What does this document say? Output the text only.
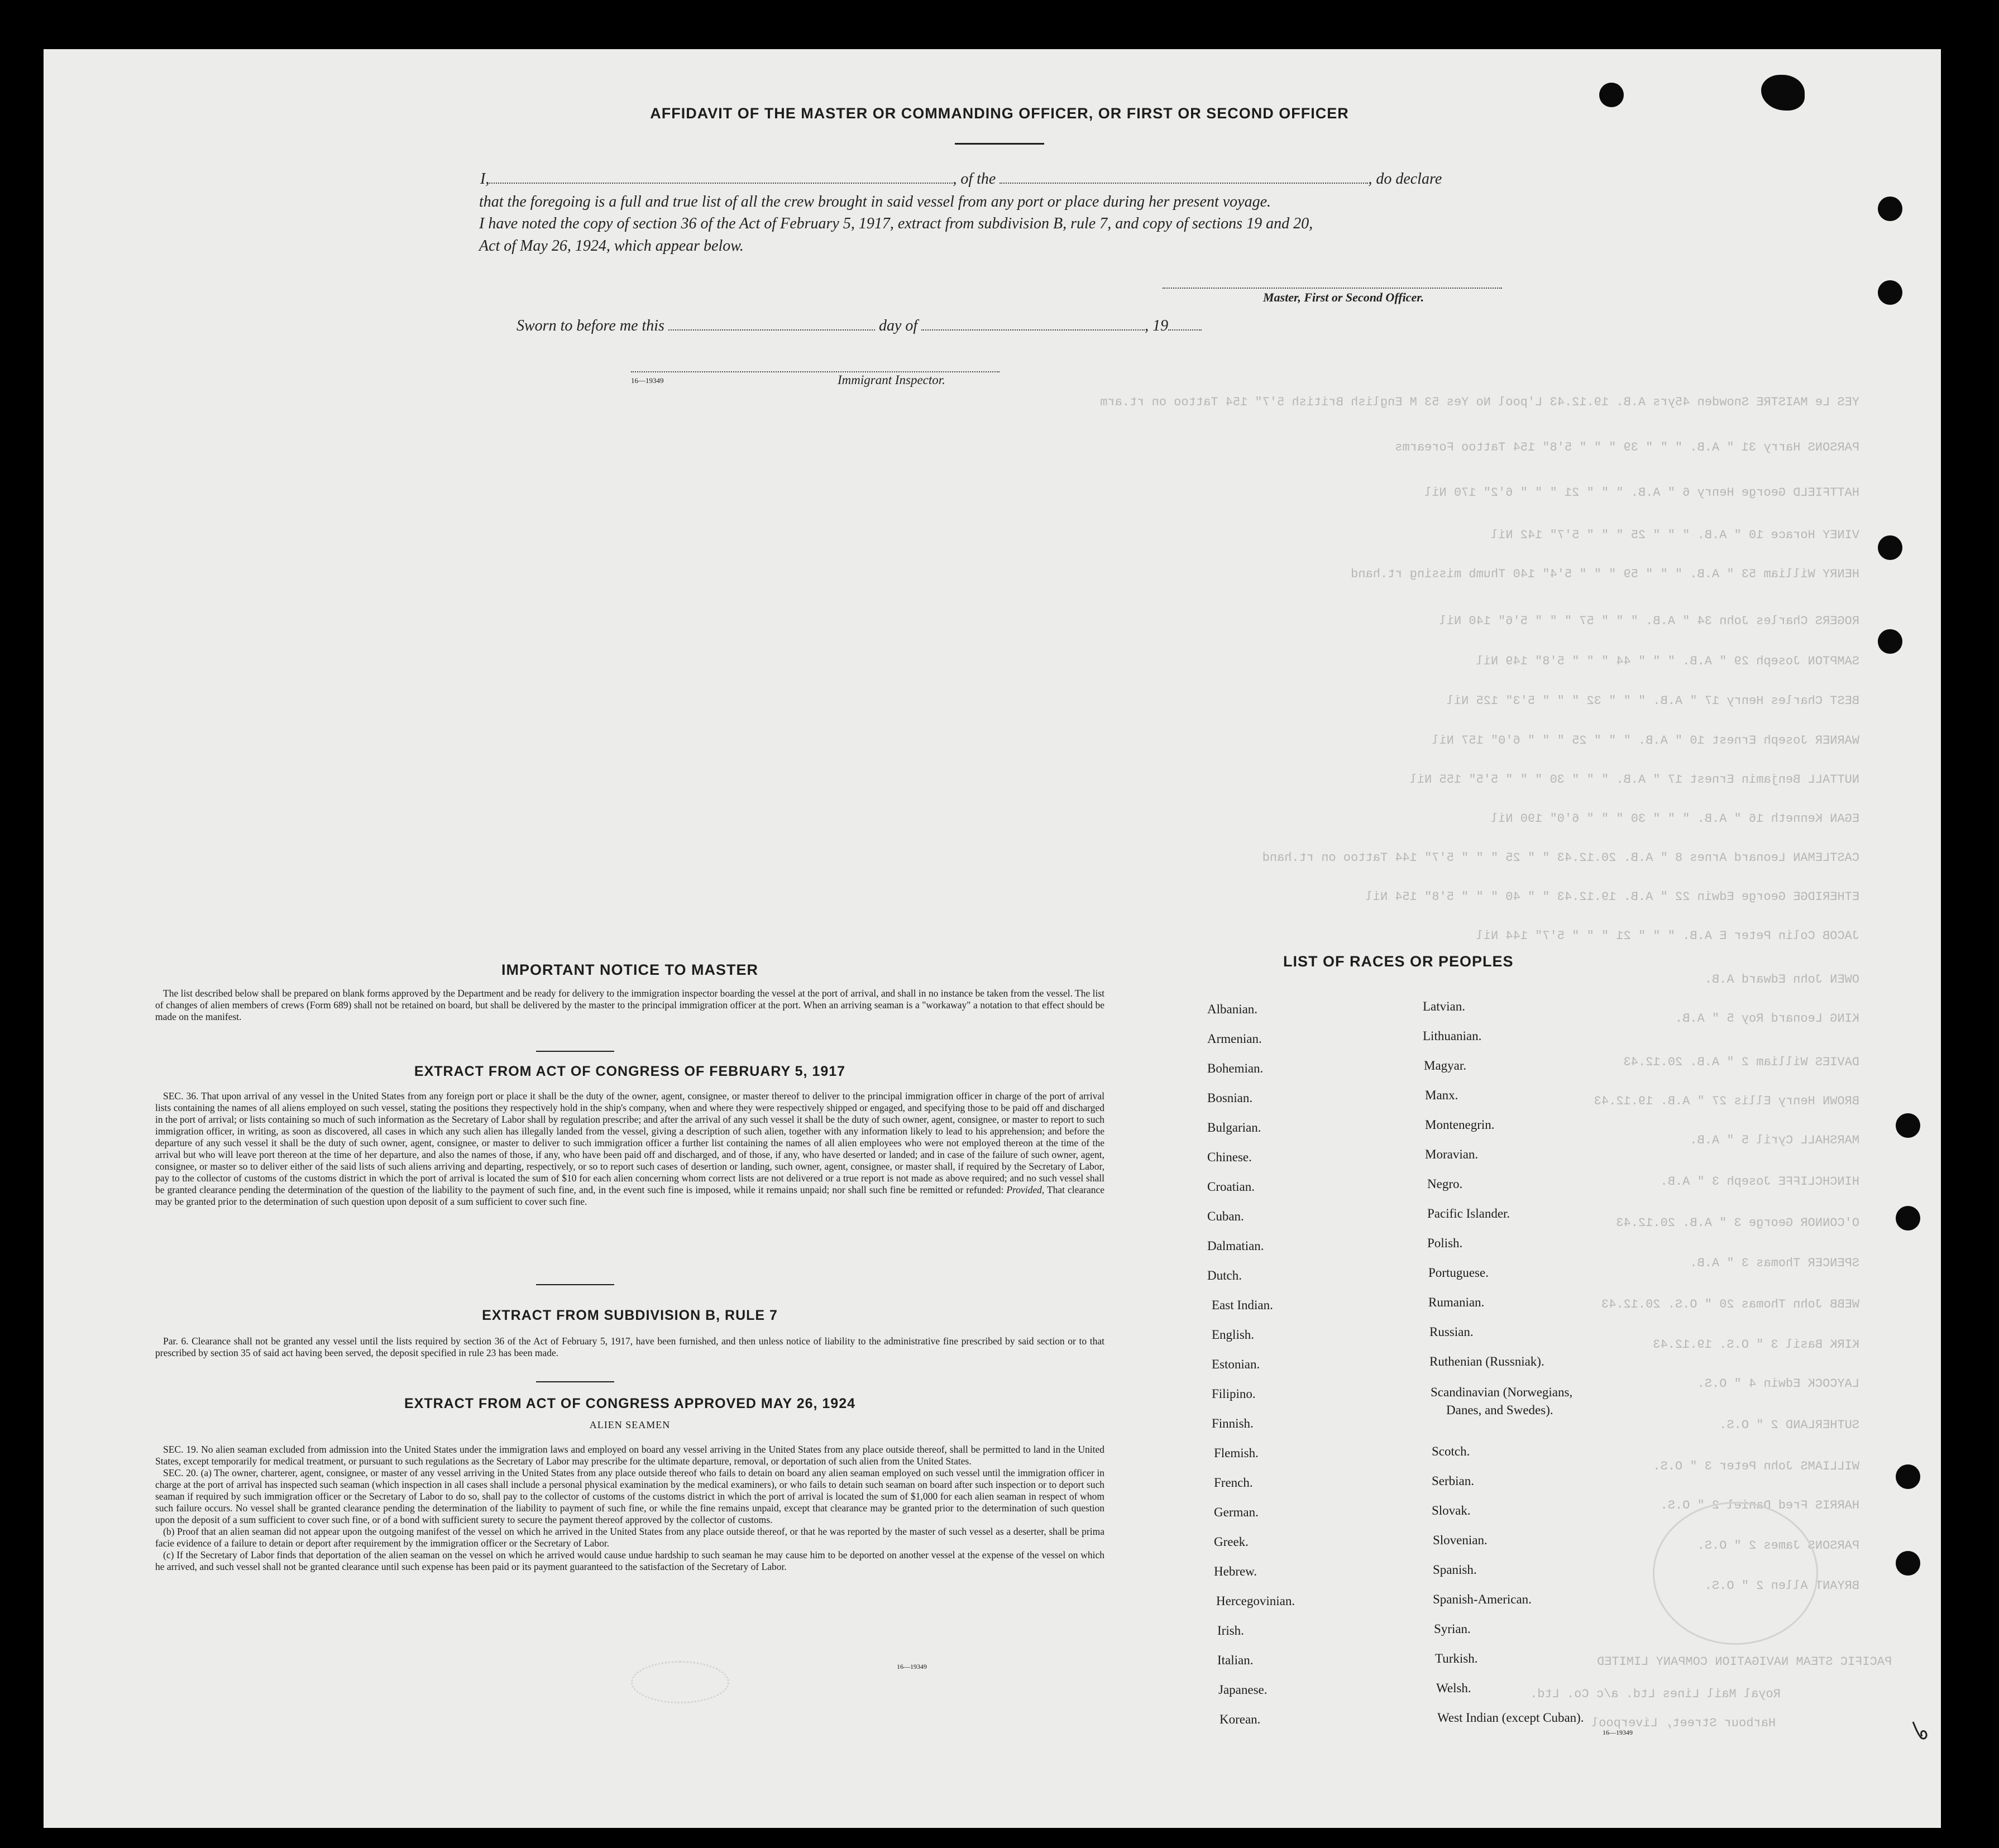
YES Le MAISTRE Snowden 45yrs A.B. 19.12.43 L'pool No Yes 53 M English British 5'7" 154 Tattoo on rt.arm
PARSONS Harry 31 " A.B. " " " 39 " " " 5'8" 154 Tattoo Forearms
HATTFIELD George Henry 6 " A.B. " " " 21 " " " 6'2" 170 Nil
VINEY Horace 10 " A.B. " " " 25 " " " 5'7" 142 Nil
HENRY William 53 " A.B. " " " 59 " " " 5'4" 140 Thumb missing rt.hand
ROGERS Charles John 34 " A.B. " " " 57 " " " 5'6" 140 Nil
SAMPTON Joseph 29 " A.B. " " " 44 " " " 5'8" 149 Nil
BEST Charles Henry 17 " A.B. " " " 32 " " " 5'3" 125 Nil
WARNER Joseph Ernest 10 " A.B. " " " 25 " " " 6'0" 157 Nil
NUTTALL Benjamin Ernest 17 " A.B. " " " 30 " " " 5'5" 155 Nil
EGAN Kenneth 16 " A.B. " " " 30 " " " 6'0" 190 Nil
CASTLEMAN Leonard Arnes 8 " A.B. 20.12.43 " " 25 " " " 5'7" 144 Tattoo on rt.hand
ETHERIDGE George Edwin 22 " A.B. 19.12.43 " " 40 " " " 5'8" 154 Nil
JACOB Colin Peter E A.B. " " " 21 " " " 5'7" 144 Nil
OWEN John Edward A.B.
KING Leonard Roy 5 " A.B.
DAVIES William 2 " A.B. 20.12.43
BROWN Henry Ellis 27 " A.B. 19.12.43
MARSHALL Cyril 5 " A.B.
HINCHCLIFFE Joseph 3 " A.B.
O'CONNOR George 3 " A.B. 20.12.43
SPENCER Thomas 3 " A.B.
WEBB John Thomas 20 " O.S. 20.12.43
KIRK Basil 3 " O.S. 19.12.43
LAYCOCK Edwin 4 " O.S.
SUTHERLAND 2 " O.S.
WILLIAMS John Peter 3 " O.S.
HARRIS Fred Daniel 2 " O.S.
PARSONS James 2 " O.S.
BRYANT Allen 2 " O.S.
PACIFIC STEAM NAVIGATION COMPANY LIMITED
Royal Mail Lines Ltd. a/c Co. Ltd.
Harbour Street, Liverpool
AFFIDAVIT OF THE MASTER OR COMMANDING OFFICER, OR FIRST OR SECOND OFFICER
I,	, of the	, do declare
that the foregoing is a full and true list of all the crew brought in said vessel from any port or place during her present voyage.
I have noted the copy of section 36 of the Act of February 5, 1917, extract from subdivision B, rule 7, and copy of sections 19 and 20,
Act of May 26, 1924, which appear below.
Master, First or Second Officer.
Sworn to before me this	day of	, 19
16—19349	Immigrant Inspector.
IMPORTANT NOTICE TO MASTER

The list described below shall be prepared on blank forms approved by the Department and be ready for delivery to the immigration inspector boarding the vessel at the port of arrival, and shall in no instance be taken from the vessel. The list of changes of alien members of crews (Form 689) shall not be retained on board, but shall be delivered by the master to the principal immigration officer at the port. When an arriving seaman is a "workaway" a notation to that effect should be made on the manifest.

EXTRACT FROM ACT OF CONGRESS OF FEBRUARY 5, 1917

SEC. 36. That upon arrival of any vessel in the United States from any foreign port or place it shall be the duty of the owner, agent, consignee, or master thereof to deliver to the principal immigration officer in charge of the port of arrival lists containing the names of all aliens employed on such vessel, stating the positions they respectively hold in the ship's company, when and where they were respectively shipped or engaged, and specifying those to be paid off and discharged in the port of arrival; or lists containing so much of such information as the Secretary of Labor shall by regulation prescribe; and after the arrival of any such vessel it shall be the duty of such owner, agent, consignee, or master to report to such immigration officer, in writing, as soon as discovered, all cases in which any such alien has illegally landed from the vessel, giving a description of such alien, together with any information likely to lead to his apprehension; and before the departure of any such vessel it shall be the duty of such owner, agent, consignee, or master to deliver to such immigration officer a further list containing the names of all alien employees who were not employed thereon at the time of the arrival but who will leave port thereon at the time of her departure, and also the names of those, if any, who have been paid off and discharged, and of those, if any, who have deserted or landed; and in case of the failure of such owner, agent, consignee, or master so to deliver either of the said lists of such aliens arriving and departing, respectively, or so to report such cases of desertion or landing, such owner, agent, consignee, or master shall, if required by the Secretary of Labor, pay to the collector of customs of the customs district in which the port of arrival is located the sum of $10 for each alien concerning whom correct lists are not delivered or a true report is not made as above required; and no such vessel shall be granted clearance pending the determination of the question of the liability to the payment of such fine, and, in the event such fine is imposed, while it remains unpaid; nor shall such fine be remitted or refunded: Provided, That clearance may be granted prior to the determination of such question upon deposit of a sum sufficient to cover such fine.

EXTRACT FROM SUBDIVISION B, RULE 7

Par. 6. Clearance shall not be granted any vessel until the lists required by section 36 of the Act of February 5, 1917, have been furnished, and then unless notice of liability to the administrative fine prescribed by said section or to that prescribed by section 35 of said act having been served, the deposit specified in rule 23 has been made.

EXTRACT FROM ACT OF CONGRESS APPROVED MAY 26, 1924
ALIEN SEAMEN

SEC. 19. No alien seaman excluded from admission into the United States under the immigration laws and employed on board any vessel arriving in the United States from any place outside thereof, shall be permitted to land in the United States, except temporarily for medical treatment, or pursuant to such regulations as the Secretary of Labor may prescribe for the ultimate departure, removal, or deportation of such alien from the United States.

SEC. 20. (a) The owner, charterer, agent, consignee, or master of any vessel arriving in the United States from any place outside thereof who fails to detain on board any alien seaman employed on such vessel until the immigration officer in charge at the port of arrival has inspected such seaman (which inspection in all cases shall include a personal physical examination by the medical examiners), or who fails to detain such seaman on board after such inspection or to deport such seaman if required by such immigration officer or the Secretary of Labor to do so, shall pay to the collector of customs of the customs district in which the port of arrival is located the sum of $1,000 for each alien seaman in respect of whom such failure occurs. No vessel shall be granted clearance pending the determination of the liability to payment of such fine, or while the fine remains unpaid, except that clearance may be granted prior to the determination of such question upon the deposit of a sum sufficient to cover such fine, or of a bond with sufficient surety to secure the payment thereof approved by the collector of customs.

(b) Proof that an alien seaman did not appear upon the outgoing manifest of the vessel on which he arrived in the United States from any place outside thereof, or that he was reported by the master of such vessel as a deserter, shall be prima facie evidence of a failure to detain or deport after requirement by the immigration officer or the Secretary of Labor.

(c) If the Secretary of Labor finds that deportation of the alien seaman on the vessel on which he arrived would cause undue hardship to such seaman he may cause him to be deported on another vessel at the expense of the vessel on which he arrived, and such vessel shall not be granted clearance until such expense has been paid or its payment guaranteed to the satisfaction of the Secretary of Labor.

16—19349
LIST OF RACES OR PEOPLES
Albanian.
Armenian.
Bohemian.
Bosnian.
Bulgarian.
Chinese.
Croatian.
Cuban.
Dalmatian.
Dutch.
East Indian.
English.
Estonian.
Filipino.
Finnish.
Flemish.
French.
German.
Greek.
Hebrew.
Hercegovinian.
Irish.
Italian.
Japanese.
Korean.
Latvian.
Lithuanian.
Magyar.
Manx.
Montenegrin.
Moravian.
Negro.
Pacific Islander.
Polish.
Portuguese.
Rumanian.
Russian.
Ruthenian (Russniak).
Scandinavian (Norwegians,
Danes, and Swedes).
Scotch.
Serbian.
Slovak.
Slovenian.
Spanish.
Spanish-American.
Syrian.
Turkish.
Welsh.
West Indian (except Cuban).
16—19349
